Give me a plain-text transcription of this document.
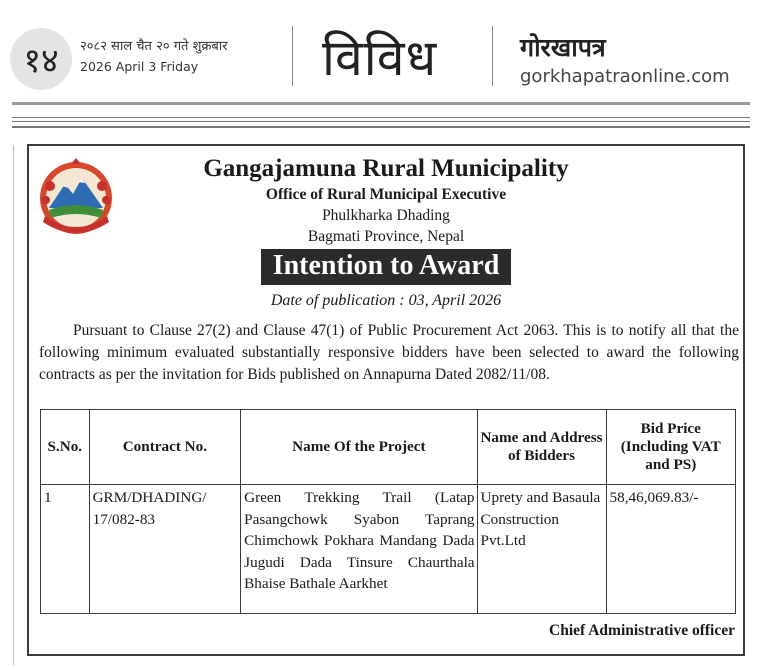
१४	२०८२ साल चैत २० गते शुक्रबार
2026 April 3 Friday	विविध	गोरखापत्र
gorkhapatraonline.com
Gangajamuna Rural Municipality
Office of Rural Municipal Executive
Phulkharka Dhading
Bagmati Province, Nepal
Intention to Award
Date of publication : 03, April 2026

Pursuant to Clause 27(2) and Clause 47(1) of Public Procurement Act 2063. This is to notify all that the following minimum evaluated substantially responsive bidders have been selected to award the following contracts as per the invitation for Bids published on Annapurna Dated 2082/11/08.

S.No.	Contract No.	Name Of the Project	Name and Address of Bidders	Bid Price (Including VAT and PS)
1	GRM/DHADING/ 17/082-83	Green Trekking Trail (Latap Pasangchowk Syabon Taprang Chimchowk Pokhara Mandang Dada Jugudi Dada Tinsure Chaurthala Bhaise Bathale Aarkhet	Uprety and Basaula Construction Pvt.Ltd	58,46,069.83/-
Chief Administrative officer
